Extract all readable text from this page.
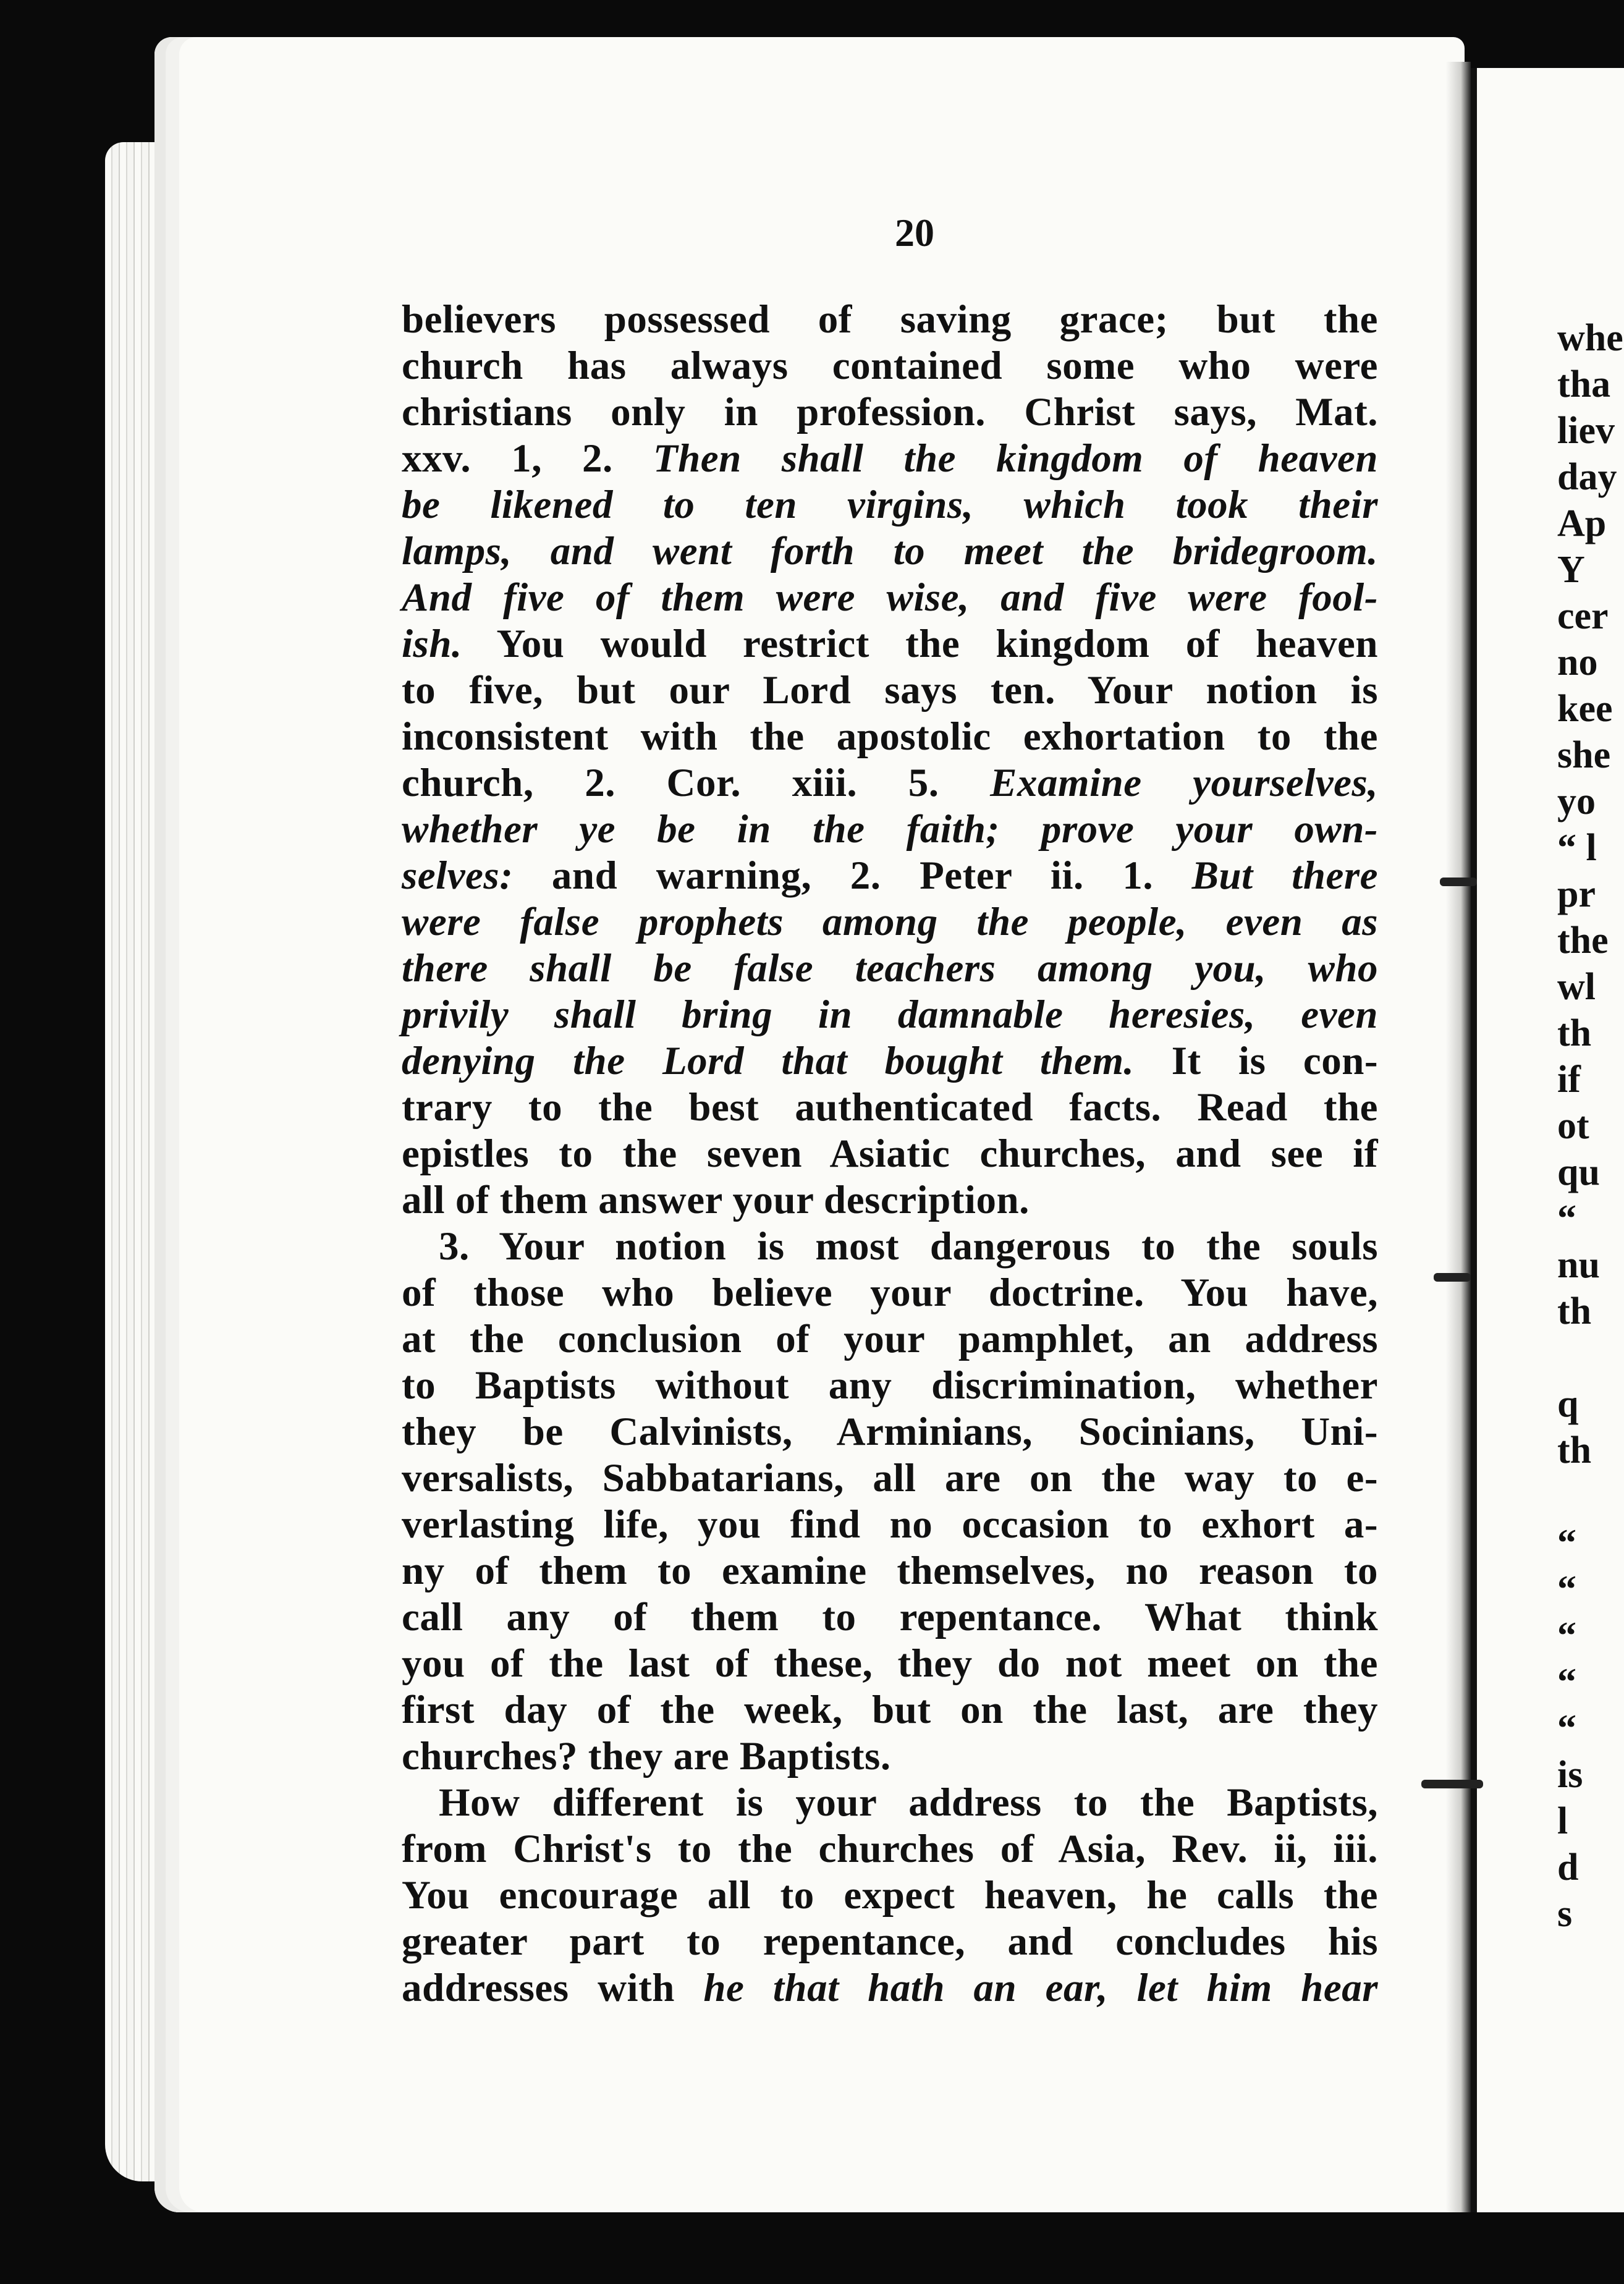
20
believers possessed of saving grace; but the
church has always contained some who were
christians only in profession. Christ says, Mat.
xxv. 1, 2. Then shall the kingdom of heaven
be likened to ten virgins, which took their
lamps, and went forth to meet the bridegroom.
And five of them were wise, and five were fool-
ish. You would restrict the kingdom of heaven
to five, but our Lord says ten. Your notion is
inconsistent with the apostolic exhortation to the
church, 2. Cor. xiii. 5. Examine yourselves,
whether ye be in the faith; prove your own-
selves: and warning, 2. Peter ii. 1. But there
were false prophets among the people, even as
there shall be false teachers among you, who
privily shall bring in damnable heresies, even
denying the Lord that bought them. It is con-
trary to the best authenticated facts. Read the
epistles to the seven Asiatic churches, and see if
all of them answer your description.
3. Your notion is most dangerous to the souls
of those who believe your doctrine. You have,
at the conclusion of your pamphlet, an address
to Baptists without any discrimination, whether
they be Calvinists, Arminians, Socinians, Uni-
versalists, Sabbatarians, all are on the way to e-
verlasting life, you find no occasion to exhort a-
ny of them to examine themselves, no reason to
call any of them to repentance. What think
you of the last of these, they do not meet on the
first day of the week, but on the last, are they
churches? they are Baptists.
How different is your address to the Baptists,
from Christ's to the churches of Asia, Rev. ii, iii.
You encourage all to expect heaven, he calls the
greater part to repentance, and concludes his
addresses with he that hath an ear, let him hear
whe
tha
liev
day
Ap
Y
cer
no
kee
she
yo
“ l
pr
the
wl
th
if
ot
qu
“
nu
th
q
th
“
“
“
“
“
is
l
d
s
